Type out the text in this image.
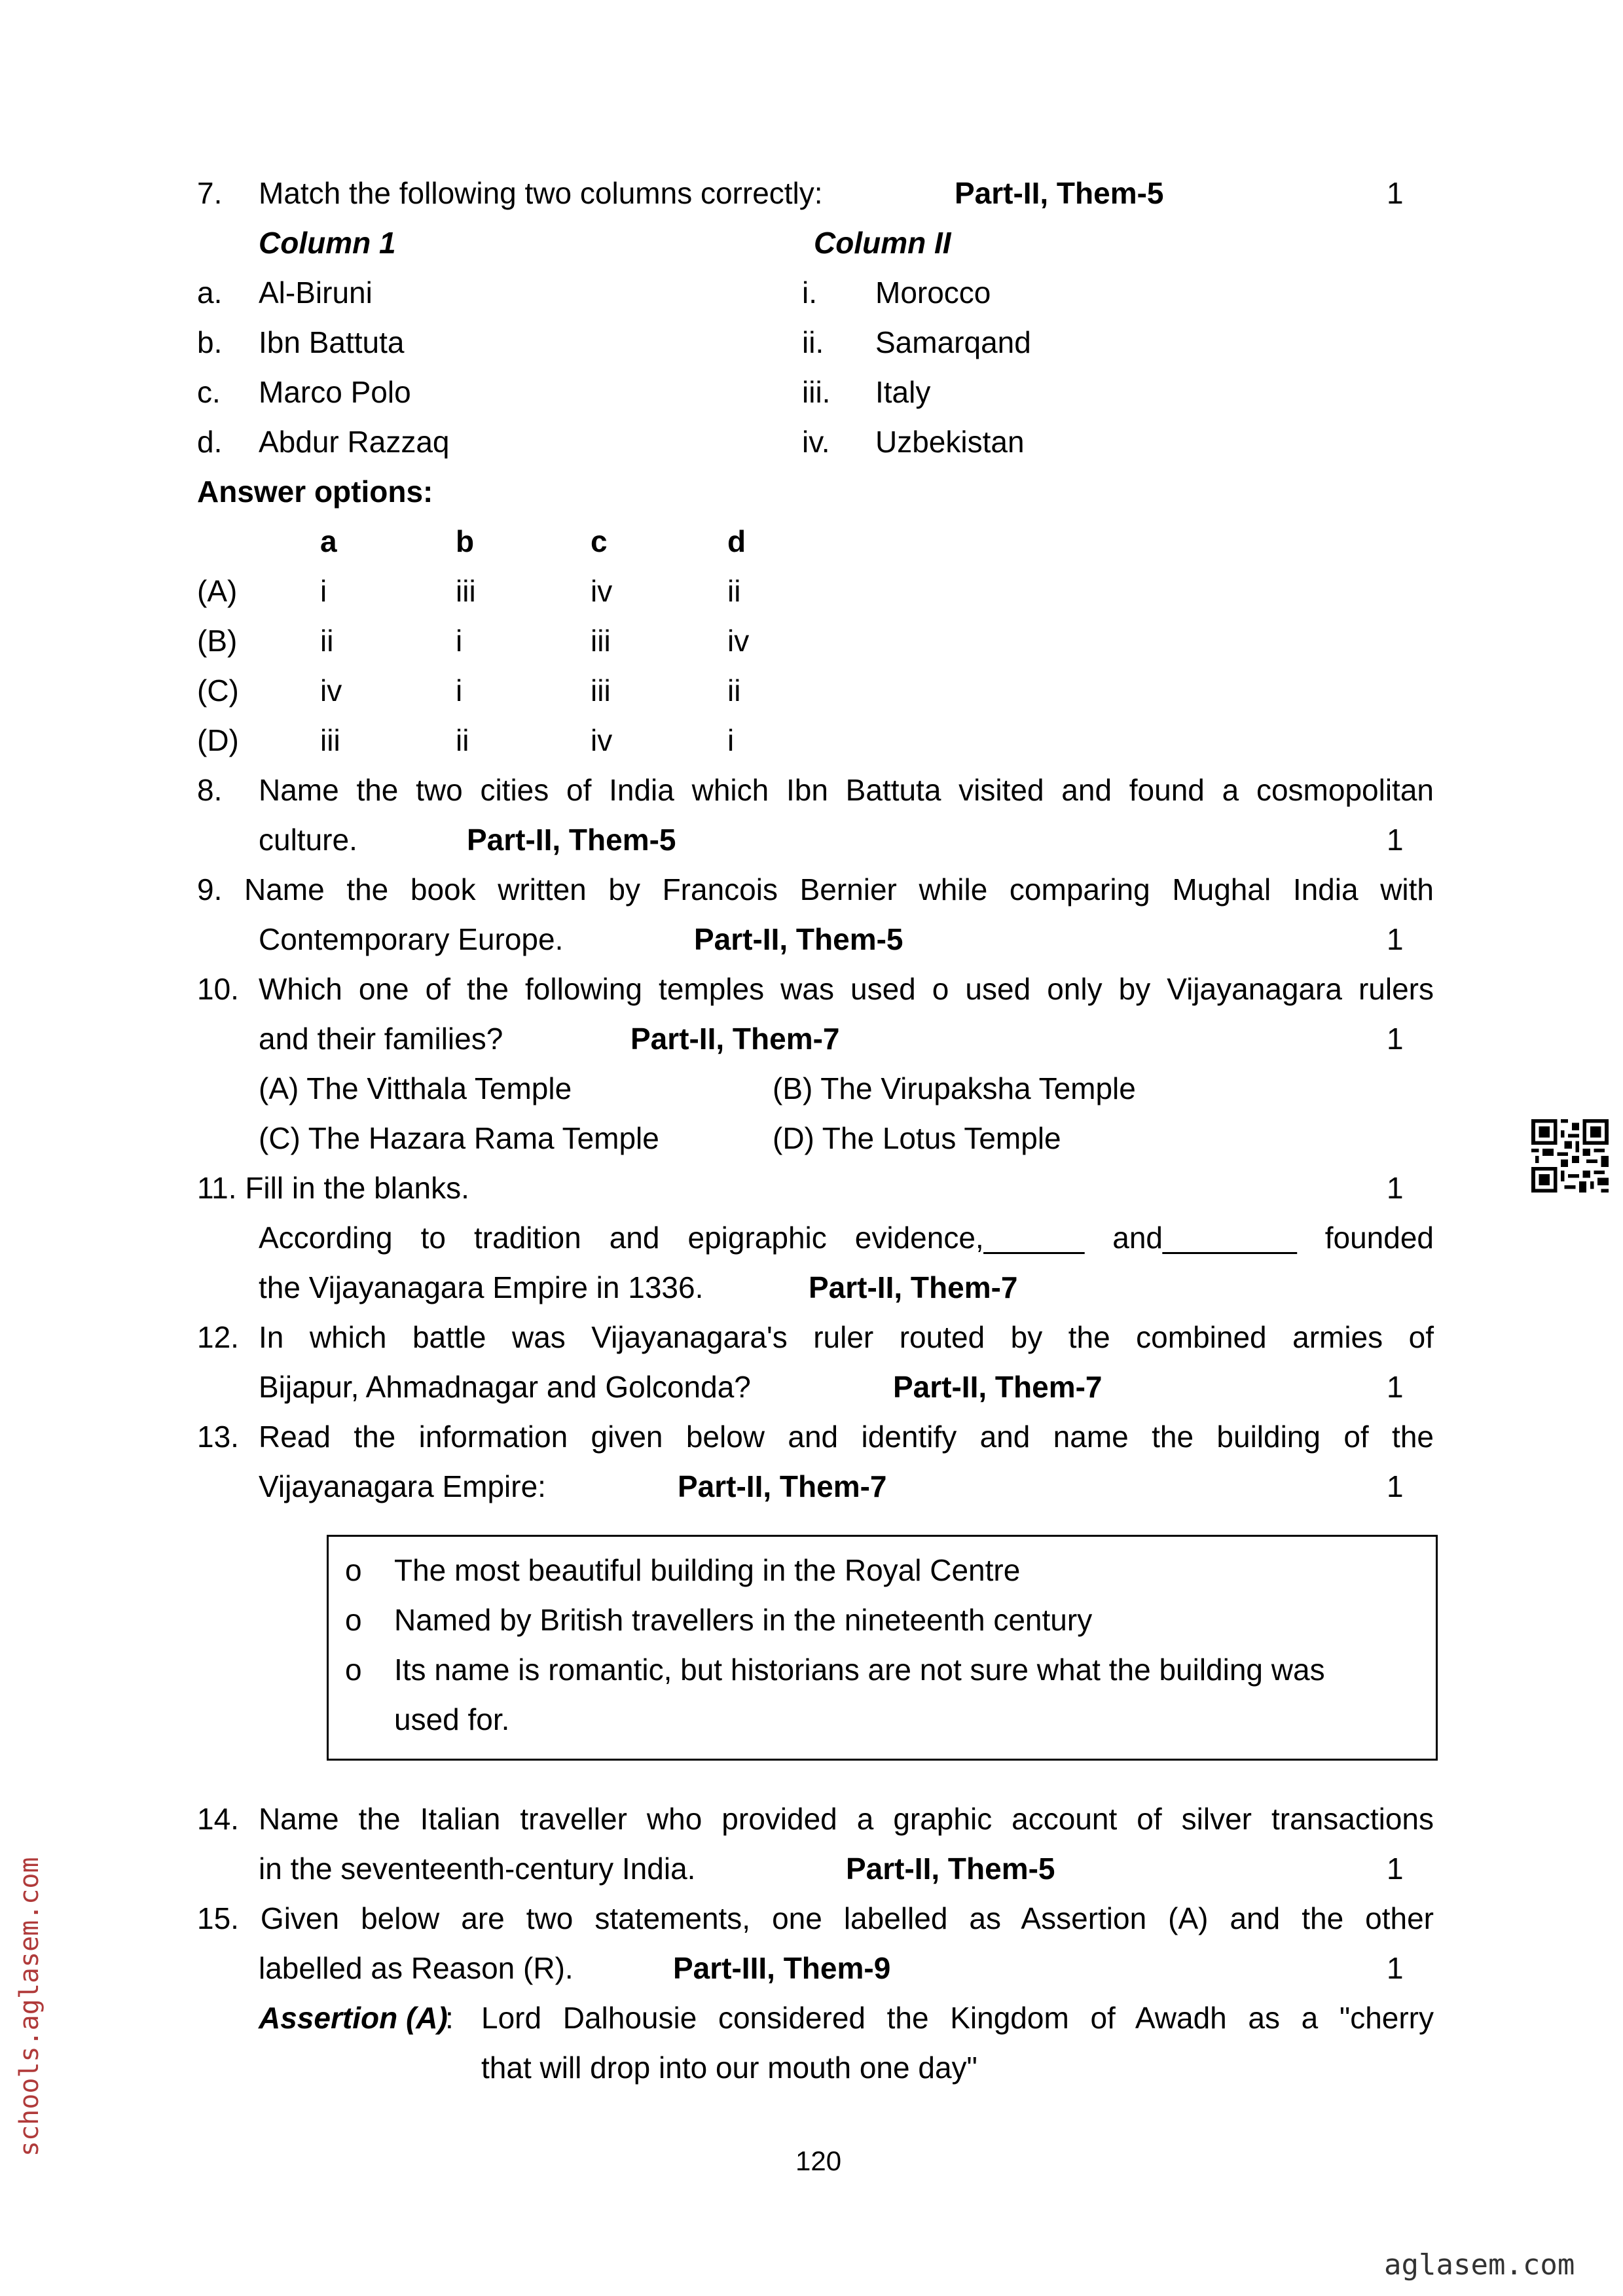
7. Match the following two columns correctly:	Part-II, Them-5	1
Column 1	Column II
a. Al-Biruni	i. Morocco
b. Ibn Battuta	ii. Samarqand
c. Marco Polo	iii. Italy
d. Abdur Razzaq	iv. Uzbekistan
Answer options:
a	b	c	d
(A)	i	iii	iv	ii
(B)	ii	i	iii	iv
(C)	iv	i	iii	ii
(D)	iii	ii	iv	i
8. Name the two cities of India which Ibn Battuta visited and found a cosmopolitan
culture.	Part-II, Them-5	1
9. Name the book written by Francois Bernier while comparing Mughal India with
Contemporary Europe.	Part-II, Them-5	1
10. Which one of the following temples was used o used only by Vijayanagara rulers
and their families?	Part-II, Them-7	1
(A) The Vitthala Temple	(B) The Virupaksha Temple
(C) The Hazara Rama Temple	(D) The Lotus Temple
11. Fill in the blanks.	1
According to tradition and epigraphic evidence,______ and________ founded
the Vijayanagara Empire in 1336.	Part-II, Them-7
12. In which battle was Vijayanagara's ruler routed by the combined armies of
Bijapur, Ahmadnagar and Golconda?	Part-II, Them-7	1
13. Read the information given below and identify and name the building of the
Vijayanagara Empire:	Part-II, Them-7	1
o The most beautiful building in the Royal Centre
o Named by British travellers in the nineteenth century
o Its name is romantic, but historians are not sure what the building was
used for.
14. Name the Italian traveller who provided a graphic account of silver transactions
in the seventeenth-century India.	Part-II, Them-5	1
15. Given below are two statements, one labelled as Assertion (A) and the other
labelled as Reason (R).	Part-III, Them-9	1
Assertion (A)
: Lord Dalhousie considered the Kingdom of Awadh as a "cherry
that will drop into our mouth one day"
120
schools.aglasem.com
aglasem.com
